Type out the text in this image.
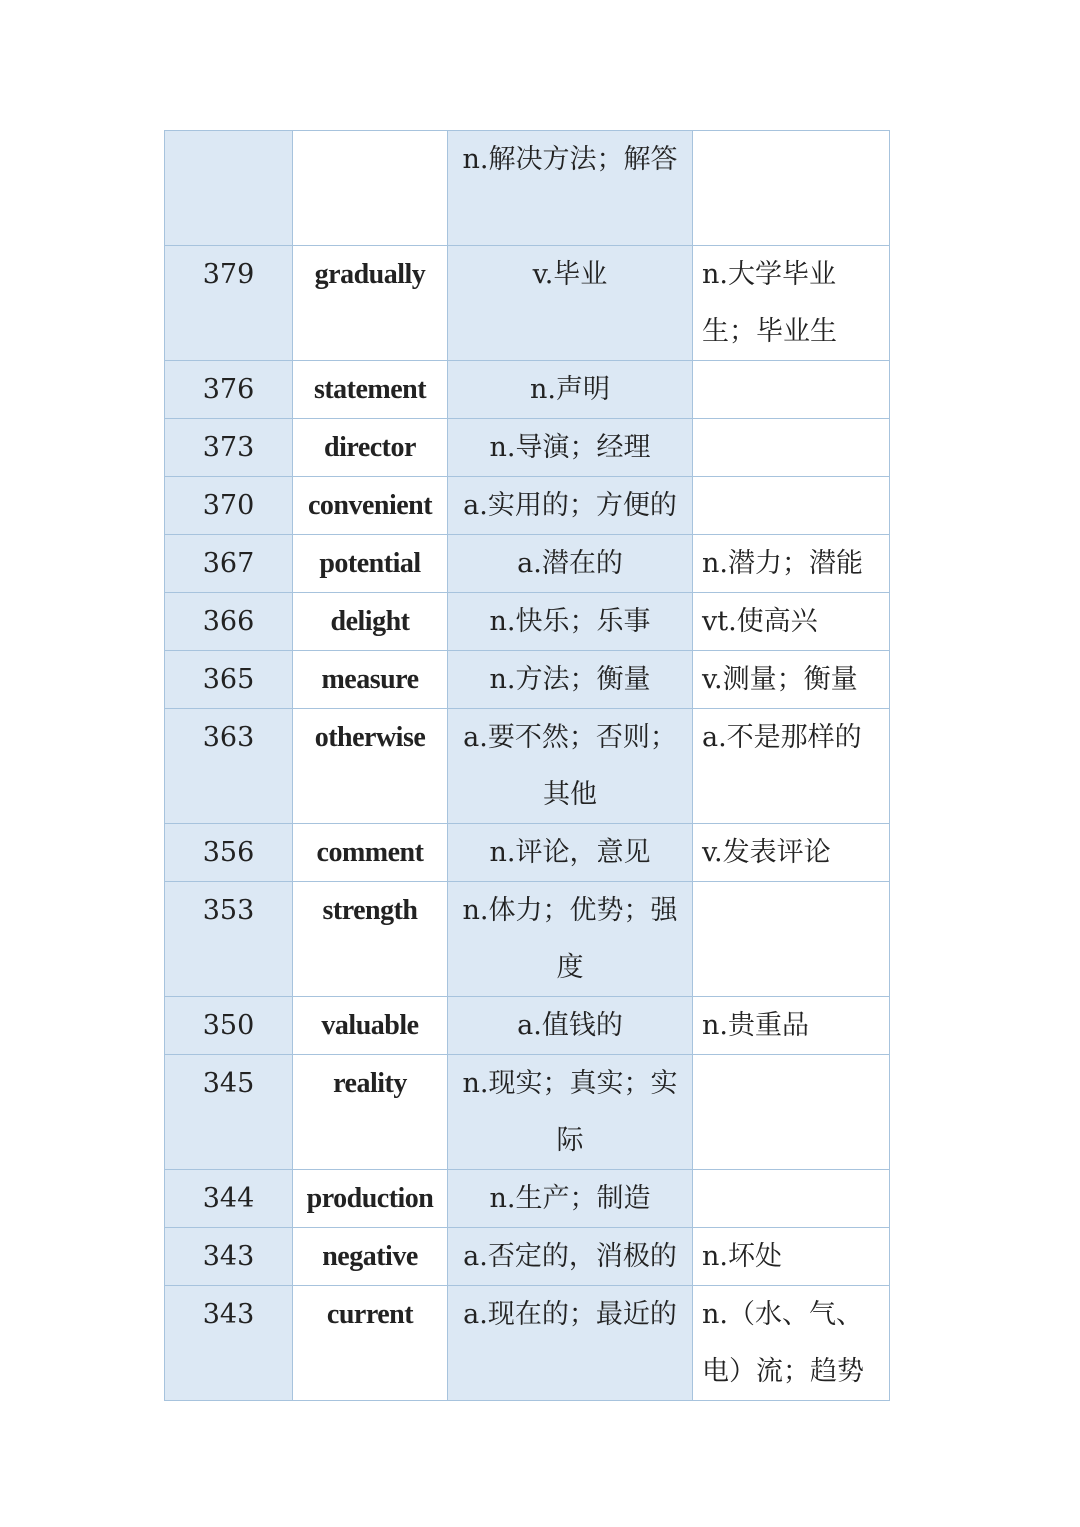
		n.解决方法；解答	
379	gradually	v.毕业	n.大学毕业生；毕业生
376	statement	n.声明	
373	director	n.导演；经理	
370	convenient	a.实用的；方便的	
367	potential	a.潜在的	n.潜力；潜能
366	delight	n.快乐；乐事	vt.使高兴
365	measure	n.方法；衡量	v.测量；衡量
363	otherwise	a.要不然；否则；其他	a.不是那样的
356	comment	n.评论，意见	v.发表评论
353	strength	n.体力；优势；强度	
350	valuable	a.值钱的	n.贵重品
345	reality	n.现实；真实；实际	
344	production	n.生产；制造	
343	negative	a.否定的，消极的	n.坏处
343	current	a.现在的；最近的	n.（水、气、电）流；趋势
